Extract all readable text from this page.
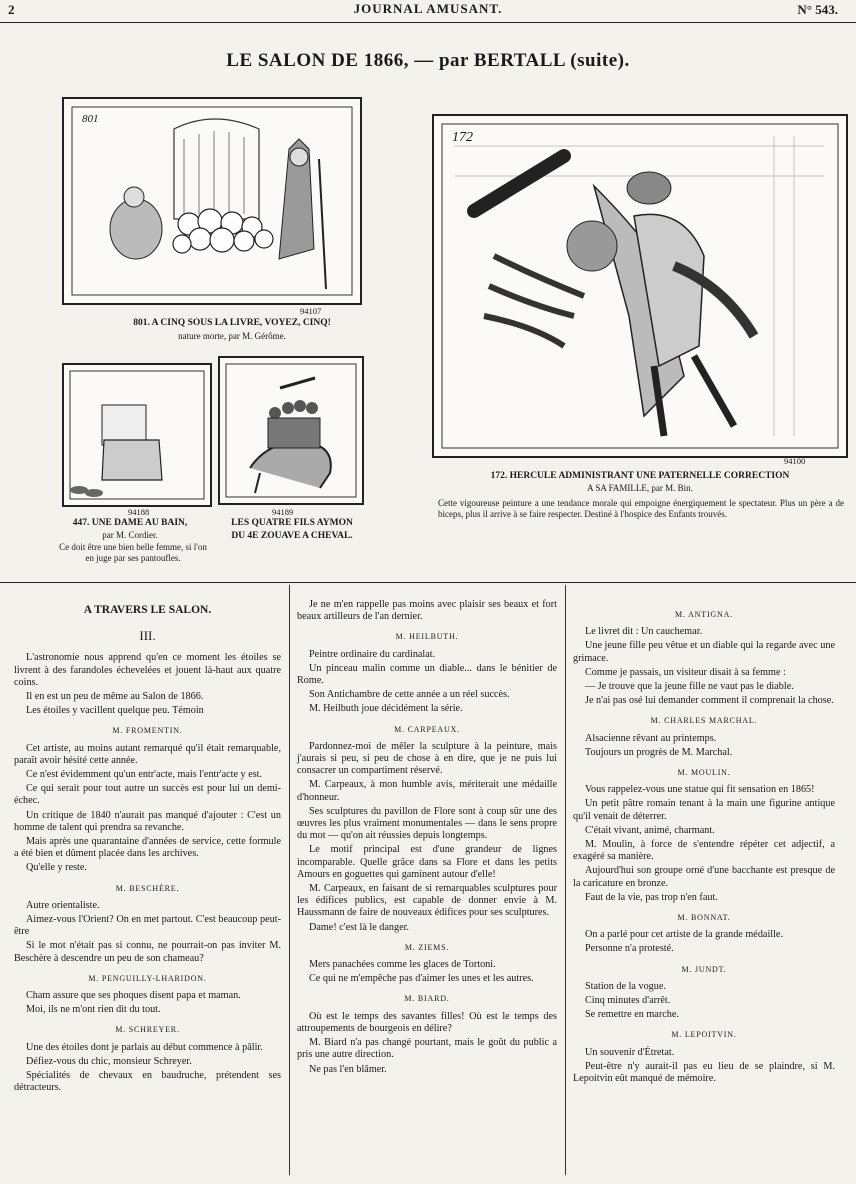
2	JOURNAL AMUSANT.	N° 543.
LE SALON DE 1866, — par BERTALL (suite).
801
94107
801. A CINQ SOUS LA LIVRE, VOYEZ, CINQ!
nature morte, par M. Gérôme.
172
94100
172. HERCULE ADMINISTRANT UNE PATERNELLE CORRECTION
A SA FAMILLE, par M. Bin.
Cette vigoureuse peinture a une tendance morale qui empoigne énergiquement le spectateur. Plus un père a de biceps, plus il arrive à se faire respecter. Destiné à l'hospice des Enfants trouvés.
94188
447. UNE DAME AU BAIN,
par M. Cordier.
Ce doit être une bien belle femme, si l'on en juge par ses pantoufles.
94189
LES QUATRE FILS AYMON
DU 4E ZOUAVE A CHEVAL.

A TRAVERS LE SALON.

III.

L'astronomie nous apprend qu'en ce moment les étoiles se livrent à des farandoles échevelées et jouent là-haut aux quatre coins.

Il en est un peu de même au Salon de 1866.

Les étoiles y vacillent quelque peu. Témoin

M. FROMENTIN.

Cet artiste, au moins autant remarqué qu'il était remarquable, paraît avoir hésité cette année.

Ce n'est évidemment qu'un entr'acte, mais l'entr'acte y est.

Ce qui serait pour tout autre un succès est pour lui un demi-échec.

Un critique de 1840 n'aurait pas manqué d'ajouter : C'est un homme de talent qui prendra sa revanche.

Mais après une quarantaine d'années de service, cette formule a été bien et dûment placée dans les archives.

Qu'elle y reste.

M. BESCHÈRE.

Autre orientaliste.

Aimez-vous l'Orient? On en met partout. C'est beaucoup peut-être

Si le mot n'était pas si connu, ne pourrait-on pas inviter M. Beschère à descendre un peu de son chameau?

M. PENGUILLY-LHARIDON.

Cham assure que ses phoques disent papa et maman.

Moi, ils ne m'ont rien dit du tout.

M. SCHREYER.

Une des étoiles dont je parlais au début commence à pâlir.

Défiez-vous du chic, monsieur Schreyer.

Spécialités de chevaux en baudruche, prétendent ses détracteurs.

Je ne m'en rappelle pas moins avec plaisir ses beaux et fort beaux artilleurs de l'an dernier.

M. HEILBUTH.

Peintre ordinaire du cardinalat.

Un pinceau malin comme un diable... dans le bénitier de Rome.

Son Antichambre de cette année a un réel succès.

M. Heilbuth joue décidément la série.

M. CARPEAUX.

Pardonnez-moi de mêler la sculpture à la peinture, mais j'aurais si peu, si peu de chose à en dire, que je ne puis lui consacrer un compartiment réservé.

M. Carpeaux, à mon humble avis, mériterait une médaille d'honneur.

Ses sculptures du pavillon de Flore sont à coup sûr une des œuvres les plus vraiment monumentales — dans le sens propre du mot — qu'on ait réussies depuis longtemps.

Le motif principal est d'une grandeur de lignes incomparable. Quelle grâce dans sa Flore et dans les petits Amours en goguettes qui gaminent autour d'elle!

M. Carpeaux, en faisant de si remarquables sculptures pour les édifices publics, est capable de donner envie à M. Haussmann de faire de nouveaux édifices pour ses sculptures.

Dame! c'est là le danger.

M. ZIEMS.

Mers panachées comme les glaces de Tortoni.

Ce qui ne m'empêche pas d'aimer les unes et les autres.

M. BIARD.

Où est le temps des savantes filles! Où est le temps des attroupements de bourgeois en délire?

M. Biard n'a pas changé pourtant, mais le goût du public a pris une autre direction.

Ne pas l'en blâmer.

M. ANTIGNA.

Le livret dit : Un cauchemar.

Une jeune fille peu vêtue et un diable qui la regarde avec une grimace.

Comme je passais, un visiteur disait à sa femme :

— Je trouve que la jeune fille ne vaut pas le diable.

Je n'ai pas osé lui demander comment il comprenait la chose.

M. CHARLES MARCHAL.

Alsacienne rêvant au printemps.

Toujours un progrès de M. Marchal.

M. MOULIN.

Vous rappelez-vous une statue qui fit sensation en 1865!

Un petit pâtre romain tenant à la main une figurine antique qu'il venait de déterrer.

C'était vivant, animé, charmant.

M. Moulin, à force de s'entendre répéter cet adjectif, a exagéré sa manière.

Aujourd'hui son groupe orné d'une bacchante est presque de la caricature en bronze.

Faut de la vie, pas trop n'en faut.

M. BONNAT.

On a parlé pour cet artiste de la grande médaille.

Personne n'a protesté.

M. JUNDT.

Station de la vogue.

Cinq minutes d'arrêt.

Se remettre en marche.

M. LEPOITVIN.

Un souvenir d'Étretat.

Peut-être n'y aurait-il pas eu lieu de se plaindre, si M. Lepoitvin eût manqué de mémoire.
